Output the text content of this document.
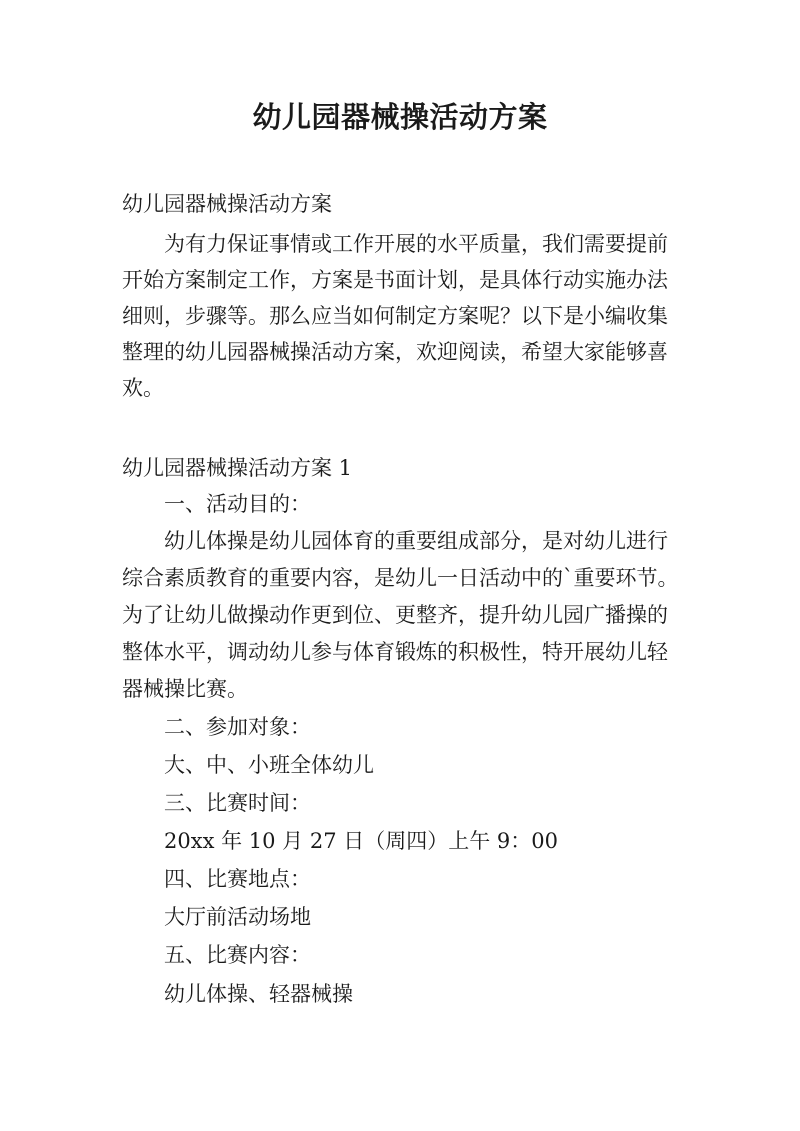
幼儿园器械操活动方案
幼儿园器械操活动方案
为有力保证事情或工作开展的水平质量，我们需要提前
开始方案制定工作，方案是书面计划，是具体行动实施办法
细则，步骤等。那么应当如何制定方案呢？以下是小编收集
整理的幼儿园器械操活动方案，欢迎阅读，希望大家能够喜
欢。
幼儿园器械操活动方案 1
一、活动目的：
幼儿体操是幼儿园体育的重要组成部分，是对幼儿进行
综合素质教育的重要内容，是幼儿一日活动中的`重要环节。
为了让幼儿做操动作更到位、更整齐，提升幼儿园广播操的
整体水平，调动幼儿参与体育锻炼的积极性，特开展幼儿轻
器械操比赛。
二、参加对象：
大、中、小班全体幼儿
三、比赛时间：
20xx 年 10 月 27 日（周四）上午 9：00
四、比赛地点：
大厅前活动场地
五、比赛内容：
幼儿体操、轻器械操
